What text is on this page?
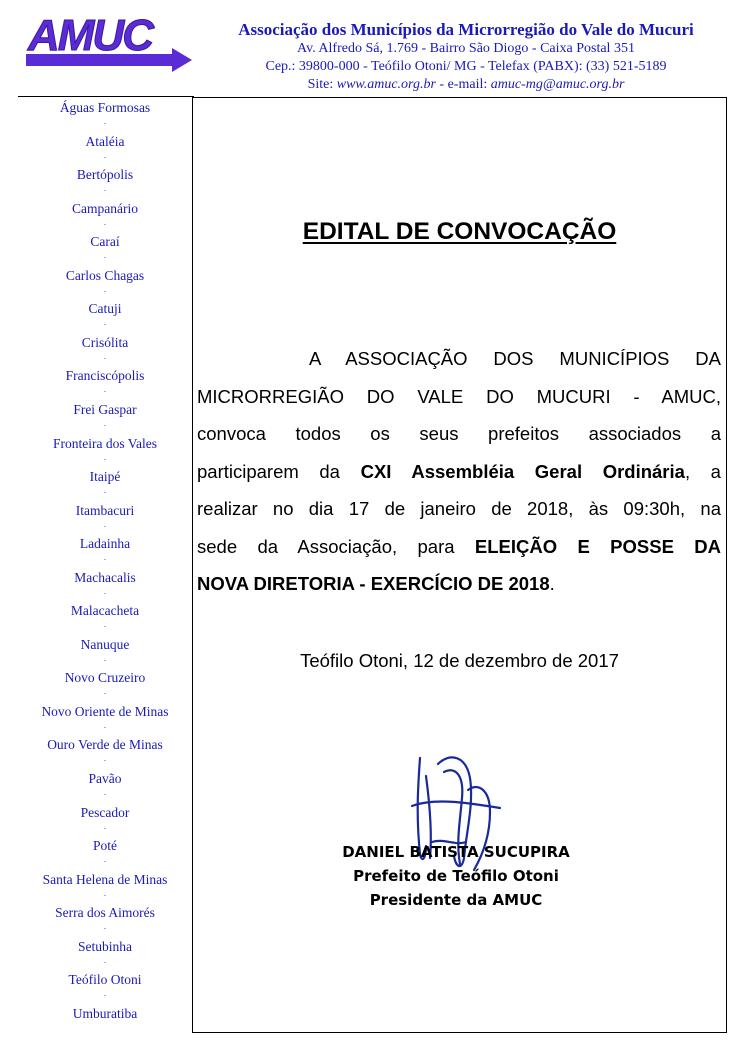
AMUC	Associação dos Municípios da Microrregião do Vale do Mucuri
Av. Alfredo Sá, 1.769 - Bairro São Diogo - Caixa Postal 351
Cep.: 39800-000 - Teófilo Otoni/ MG - Telefax (PABX): (33) 521-5189
Site: www.amuc.org.br - e-mail: amuc-mg@amuc.org.br
Águas Formosas
.
Ataléia
.
Bertópolis
.
Campanário
.
Caraí
.
Carlos Chagas
.
Catuji
.
Crisólita
.
Franciscópolis
.
Frei Gaspar
.
Fronteira dos Vales
.
Itaipé
.
Itambacuri
.
Ladainha
.
Machacalis
.
Malacacheta
.
Nanuque
.
Novo Cruzeiro
.
Novo Oriente de Minas
.
Ouro Verde de Minas
.
Pavão
.
Pescador
.
Poté
.
Santa Helena de Minas
.
Serra dos Aimorés
.
Setubinha
.
Teófilo Otoni
.
Umburatiba
EDITAL DE CONVOCAÇÃO
A ASSOCIAÇÃO DOS MUNICÍPIOS DA
MICRORREGIÃO DO VALE DO MUCURI - AMUC,
convoca todos os seus prefeitos associados a
participarem da CXI Assembléia Geral Ordinária, a
realizar no dia 17 de janeiro de 2018, às 09:30h, na
sede da Associação, para ELEIÇÃO E POSSE DA
NOVA DIRETORIA - EXERCÍCIO DE 2018.
Teófilo Otoni, 12 de dezembro de 2017
DANIEL BATISTA SUCUPIRA
Prefeito de Teófilo Otoni
Presidente da AMUC
